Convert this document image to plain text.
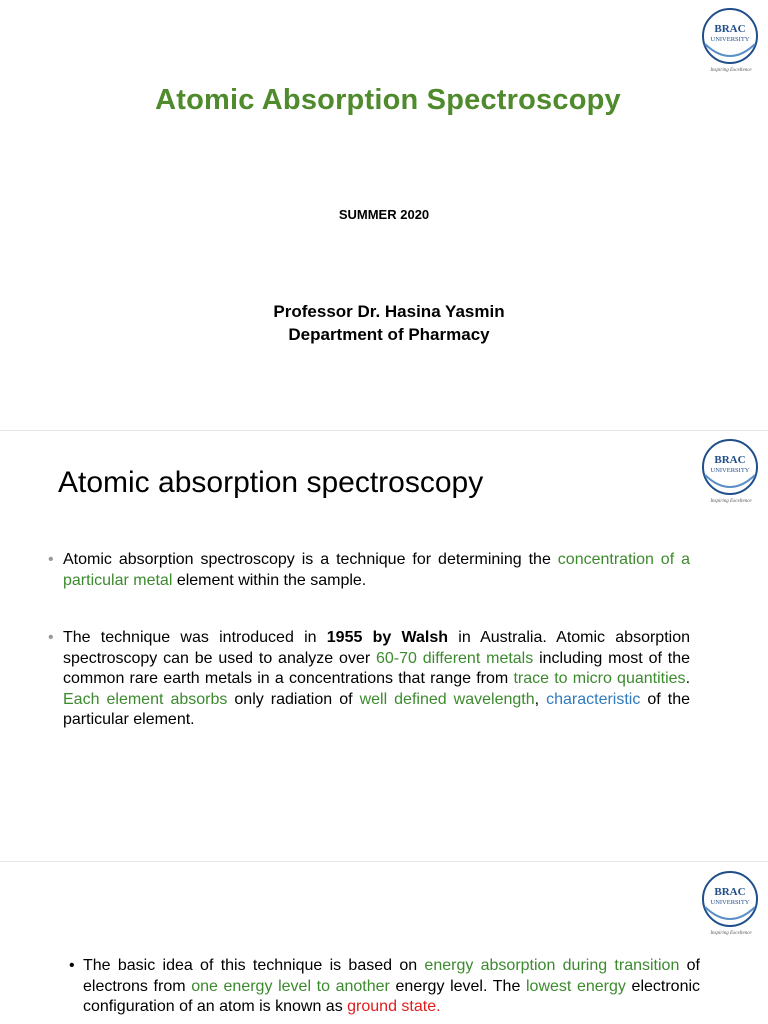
BRAC
UNIVERSITY
Inspiring Excellence
Atomic Absorption Spectroscopy
SUMMER 2020
Professor Dr. Hasina Yasmin
Department of Pharmacy
BRAC
UNIVERSITY
Inspiring Excellence
Atomic absorption spectroscopy
• Atomic absorption spectroscopy is a technique for determining the concentration of a particular metal element within the sample.
• The technique was introduced in 1955 by Walsh in Australia. Atomic absorption spectroscopy can be used to analyze over 60-70 different metals including most of the common rare earth metals in a concentrations that range from trace to micro quantities. Each element absorbs only radiation of well defined wavelength, characteristic of the particular element.
BRAC
UNIVERSITY
Inspiring Excellence
• The basic idea of this technique is based on energy absorption during transition of electrons from one energy level to another energy level. The lowest energy electronic configuration of an atom is known as ground state.
